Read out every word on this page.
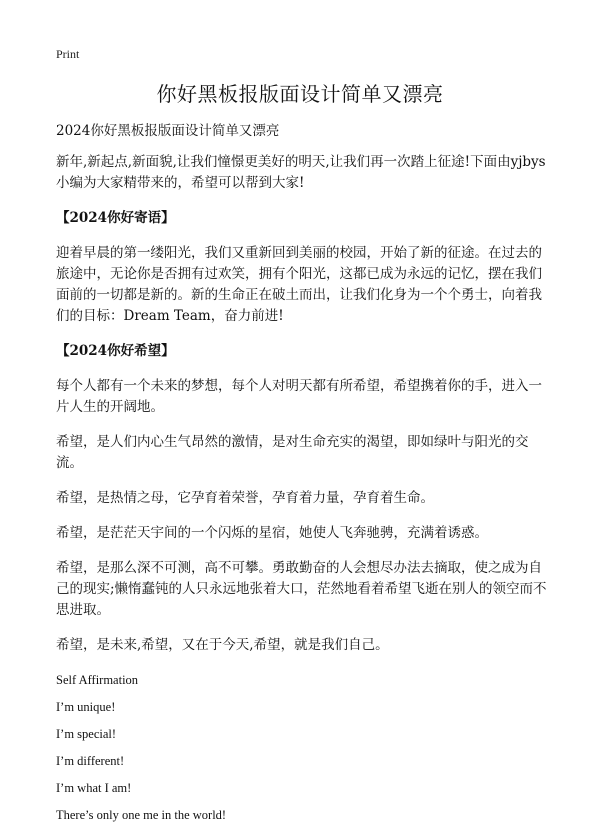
Print
你好黑板报版面设计简单又漂亮

2024你好黑板报版面设计简单又漂亮

新年,新起点,新面貌,让我们憧憬更美好的明天,让我们再一次踏上征途!下面由yjbys小编为大家精带来的，希望可以帮到大家!

【2024你好寄语】

迎着早晨的第一缕阳光，我们又重新回到美丽的校园，开始了新的征途。在过去的旅途中，无论你是否拥有过欢笑，拥有个阳光，这都已成为永远的记忆，摆在我们面前的一切都是新的。新的生命正在破土而出，让我们化身为一个个勇士，向着我们的目标：Dream Team，奋力前进!

【2024你好希望】

每个人都有一个未来的梦想，每个人对明天都有所希望，希望携着你的手，进入一片人生的开阔地。

希望，是人们内心生气昂然的激情，是对生命充实的渴望，即如绿叶与阳光的交流。

希望，是热情之母，它孕育着荣誉，孕育着力量，孕育着生命。

希望，是茫茫天宇间的一个闪烁的星宿，她使人飞奔驰骋，充满着诱惑。

希望，是那么深不可测，高不可攀。勇敢勤奋的人会想尽办法去摘取，使之成为自己的现实;懒惰蠢钝的人只永远地张着大口，茫然地看着希望飞逝在别人的领空而不思进取。

希望，是未来,希望，又在于今天,希望，就是我们自己。

Self Affirmation
I’m unique!
I’m special!
I’m different!
I’m what I am!
There’s only one me in the world!
